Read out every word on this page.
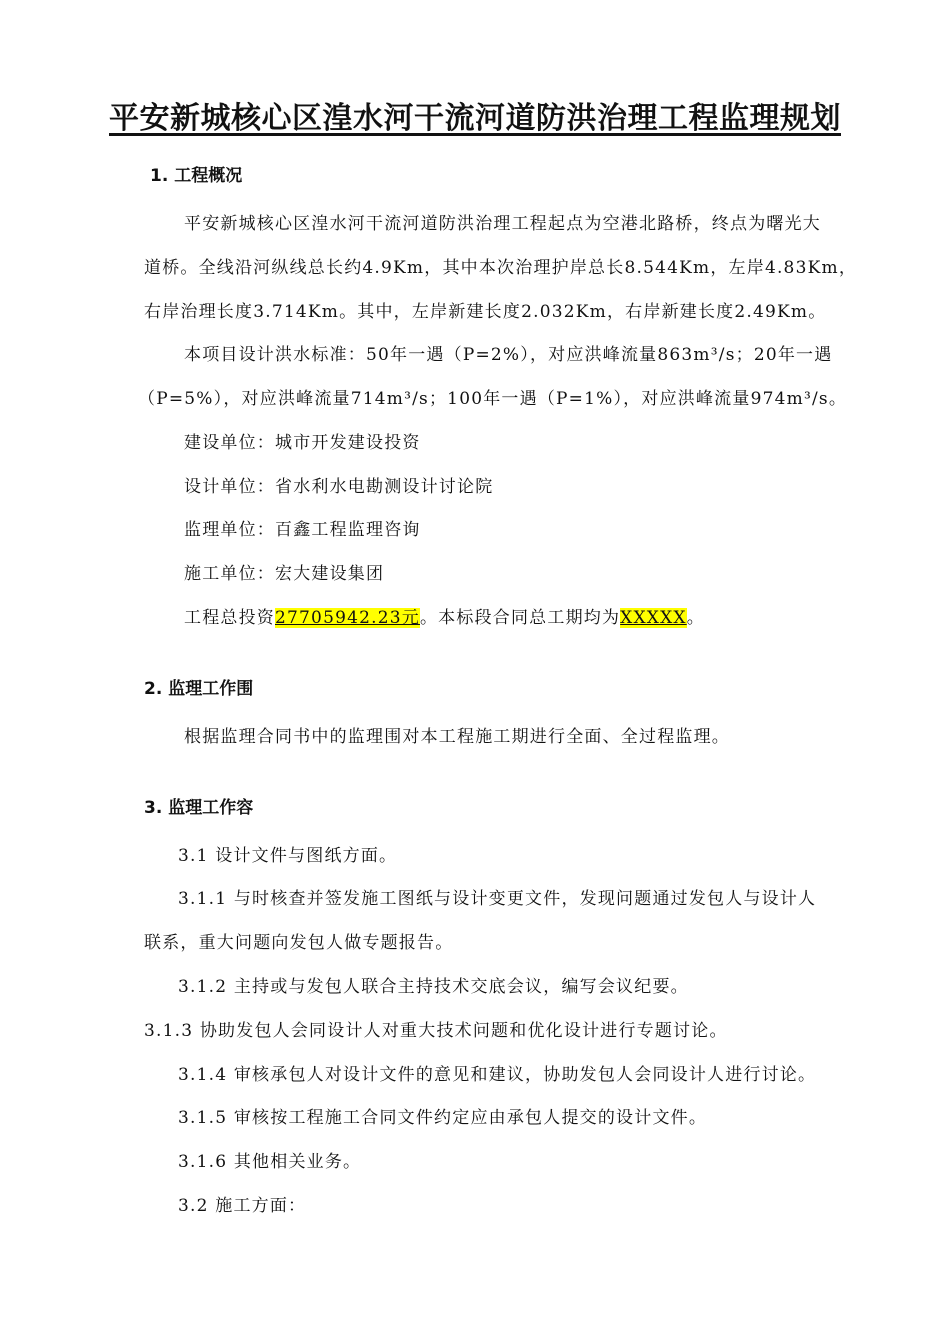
平安新城核心区湟水河干流河道防洪治理工程监理规划
1. 工程概况
平安新城核心区湟水河干流河道防洪治理工程起点为空港北路桥，终点为曙光大
道桥。全线沿河纵线总长约4.9Km，其中本次治理护岸总长8.544Km，左岸4.83Km，
右岸治理长度3.714Km。其中，左岸新建长度2.032Km，右岸新建长度2.49Km。
本项目设计洪水标准：50年一遇（P=2%），对应洪峰流量863m³/s；20年一遇
（P=5%），对应洪峰流量714m³/s；100年一遇（P=1%），对应洪峰流量974m³/s。
建设单位：城市开发建设投资
设计单位：省水利水电勘测设计讨论院
监理单位：百鑫工程监理咨询
施工单位：宏大建设集团
工程总投资27705942.23元。本标段合同总工期均为XXXXX。
2. 监理工作围
根据监理合同书中的监理围对本工程施工期进行全面、全过程监理。
3. 监理工作容
3.1 设计文件与图纸方面。
3.1.1 与时核查并签发施工图纸与设计变更文件，发现问题通过发包人与设计人
联系，重大问题向发包人做专题报告。
3.1.2 主持或与发包人联合主持技术交底会议，编写会议纪要。
3.1.3 协助发包人会同设计人对重大技术问题和优化设计进行专题讨论。
3.1.4 审核承包人对设计文件的意见和建议，协助发包人会同设计人进行讨论。
3.1.5 审核按工程施工合同文件约定应由承包人提交的设计文件。
3.1.6 其他相关业务。
3.2 施工方面：
